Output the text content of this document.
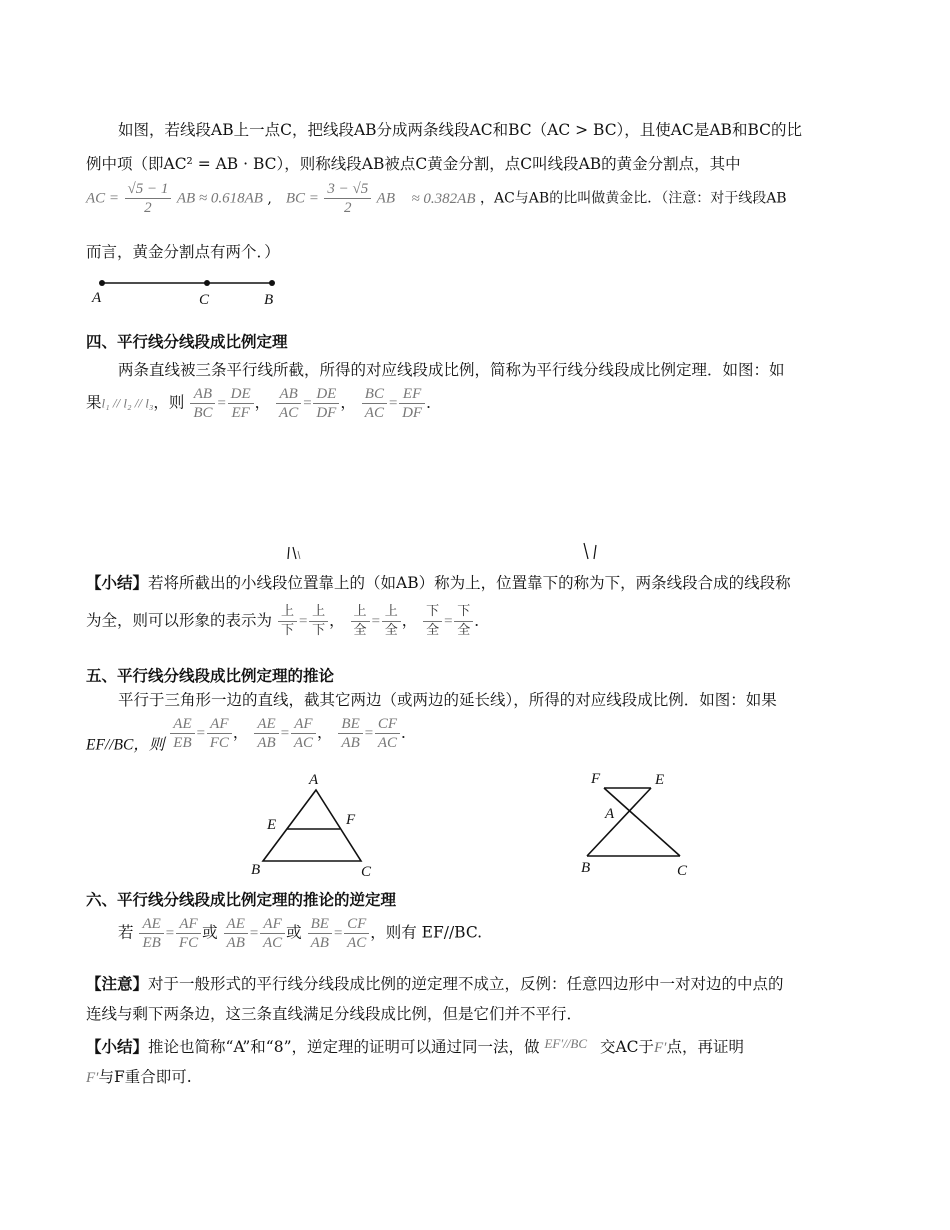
如图，若线段AB上一点C，把线段AB分成两条线段AC和BC（AC > BC），且使AC是AB和BC的比
例中项（即AC² = AB · BC），则称线段AB被点C黄金分割，点C叫线段AB的黄金分割点，其中
AC = $\frac{√5 - 1}{2}$ AB ≈ 0.618AB , BC = $\frac{3 - √5}{2}$ AB ≈ 0.382AB ，AC与AB的比叫做黄金比．（注意：对于线段AB
而言，黄金分割点有两个．）
A	C	B
四、平行线分线段成比例定理
两条直线被三条平行线所截，所得的对应线段成比例，简称为平行线分线段成比例定理．如图：如
果l₁ // l₂ // l₃，则 $\frac{AB}{BC} = \frac{DE}{EF}$ ， $\frac{AB}{AC} = \frac{DE}{DF}$ ， $\frac{BC}{AC} = \frac{EF}{DF}$ ．
【小结】若将所截出的小线段位置靠上的（如AB）称为上，位置靠下的称为下，两条线段合成的线段称
为全，则可以形象的表示为 $\frac{\text{上}}{\text{下}} = \frac{\text{上}}{\text{下}}$ ， $\frac{\text{上}}{\text{全}} = \frac{\text{上}}{\text{全}}$ ， $\frac{\text{下}}{\text{全}} = \frac{\text{下}}{\text{全}}$ ．
五、平行线分线段成比例定理的推论
平行于三角形一边的直线，截其它两边（或两边的延长线），所得的对应线段成比例．如图：如果
EF//BC，则 $\frac{AE}{EB} = \frac{AF}{FC}$ ， $\frac{AE}{AB} = \frac{AF}{AC}$ ， $\frac{BE}{AB} = \frac{CF}{AC}$ ．
A
E	F
B	C
F	E
A
B	C
六、平行线分线段成比例定理的推论的逆定理
若 $\frac{AE}{EB} = \frac{AF}{FC}$ 或 $\frac{AE}{AB} = \frac{AF}{AC}$ 或 $\frac{BE}{AB} = \frac{CF}{AC}$ ，则有 EF//BC.
【注意】对于一般形式的平行线分线段成比例的逆定理不成立，反例：任意四边形中一对对边的中点的
连线与剩下两条边，这三条直线满足分线段成比例，但是它们并不平行．
【小结】推论也简称“A”和“8”，逆定理的证明可以通过同一法，做 $^{EF'//BC}$ 交AC于F′点，再证明
F′与F重合即可.
